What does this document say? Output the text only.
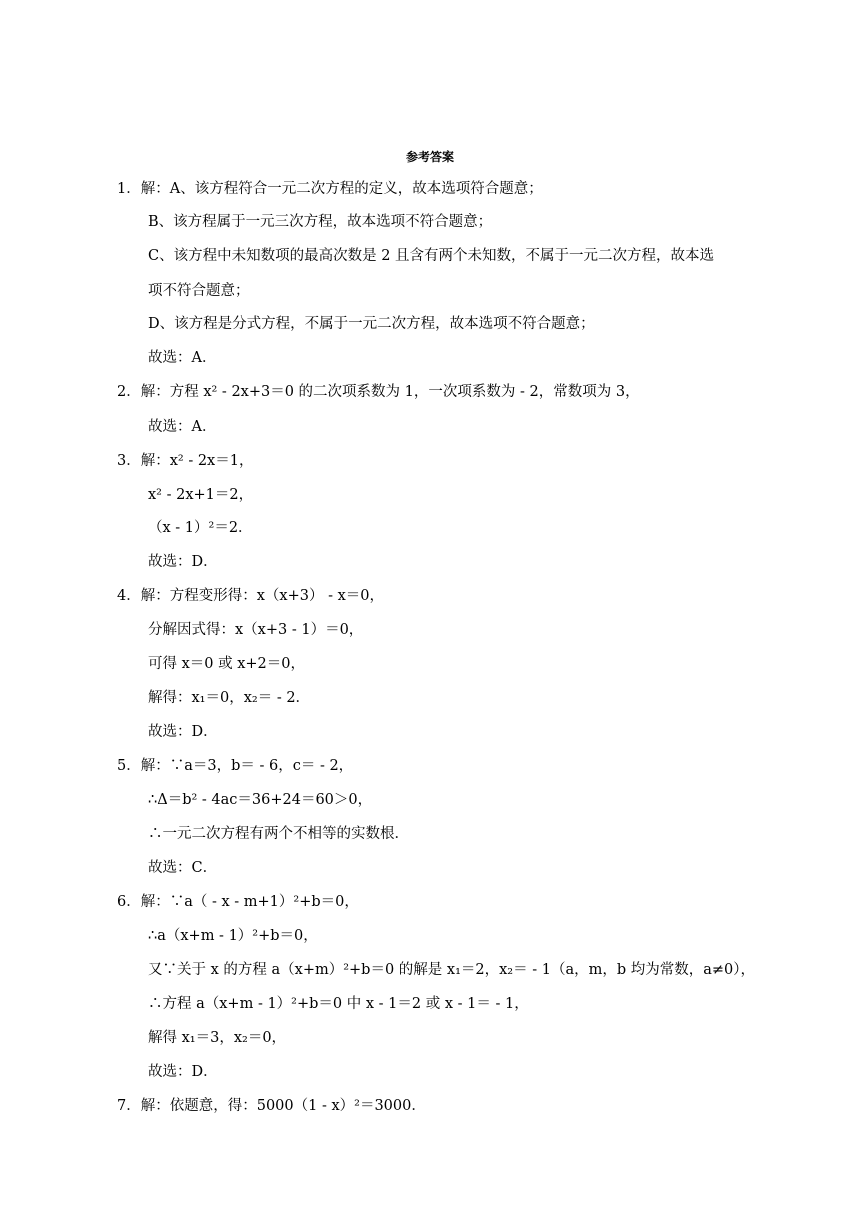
参考答案
1．解：A、该方程符合一元二次方程的定义，故本选项符合题意；
B、该方程属于一元三次方程，故本选项不符合题意；
C、该方程中未知数项的最高次数是 2 且含有两个未知数，不属于一元二次方程，故本选
项不符合题意；
D、该方程是分式方程，不属于一元二次方程，故本选项不符合题意；
故选：A．
2．解：方程 x² - 2x+3＝0 的二次项系数为 1，一次项系数为 - 2，常数项为 3，
故选：A．
3．解：x² - 2x＝1，
x² - 2x+1＝2，
（x - 1）²＝2．
故选：D．
4．解：方程变形得：x（x+3） - x＝0，
分解因式得：x（x+3 - 1）＝0，
可得 x＝0 或 x+2＝0，
解得：x₁＝0，x₂＝ - 2．
故选：D．
5．解：∵a＝3，b＝ - 6，c＝ - 2，
∴Δ＝b² - 4ac＝36+24＝60＞0，
∴一元二次方程有两个不相等的实数根．
故选：C．
6．解：∵a（ - x - m+1）²+b＝0，
∴a（x+m - 1）²+b＝0，
又∵关于 x 的方程 a（x+m）²+b＝0 的解是 x₁＝2，x₂＝ - 1（a，m，b 均为常数，a≠0），
∴方程 a（x+m - 1）²+b＝0 中 x - 1＝2 或 x - 1＝ - 1，
解得 x₁＝3，x₂＝0，
故选：D．
7．解：依题意，得：5000（1 - x）²＝3000．
